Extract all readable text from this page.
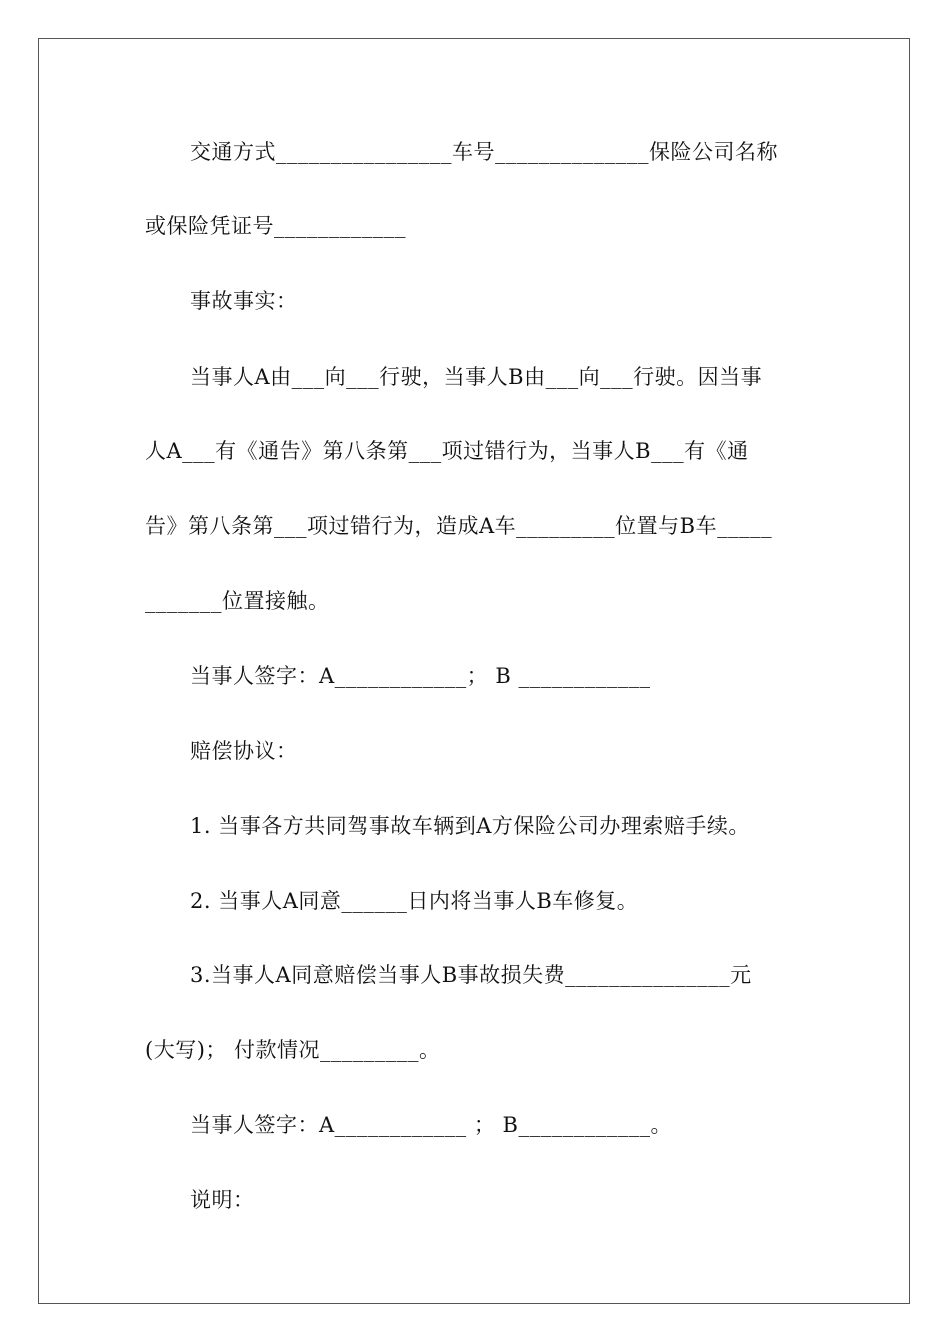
交通方式________________车号______________保险公司名称
或保险凭证号____________
事故事实：
当事人A由___向___行驶，当事人B由___向___行驶。因当事
人A___有《通告》第八条第___项过错行为，当事人B___有《通
告》第八条第___项过错行为，造成A车_________位置与B车_____
_______位置接触。
当事人签字：A____________； B ____________
赔偿协议：
1. 当事各方共同驾事故车辆到A方保险公司办理索赔手续。
2. 当事人A同意______日内将当事人B车修复。
3.当事人A同意赔偿当事人B事故损失费_______________元
(大写)； 付款情况_________。
当事人签字：A____________ ； B____________。
说明：
